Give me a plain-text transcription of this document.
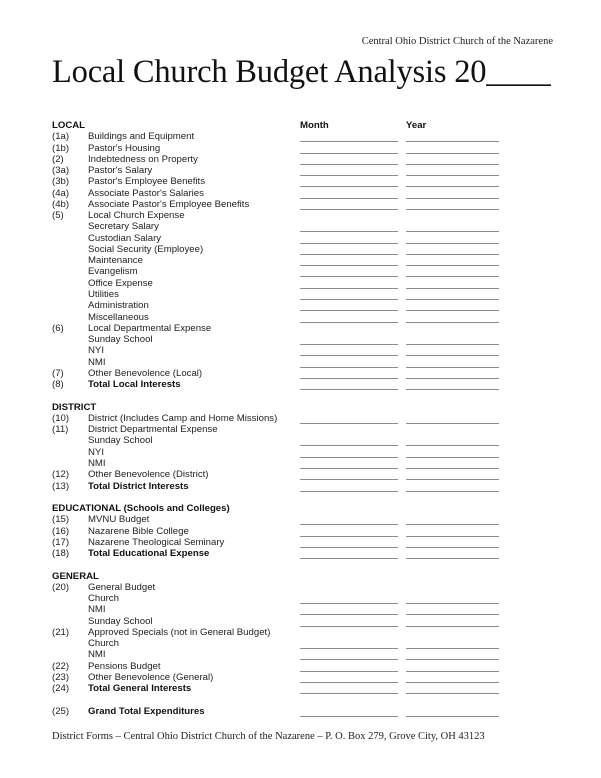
Central Ohio District Church of the Nazarene
Local Church Budget Analysis 20____
LOCAL	Month	Year
(1a) Buildings and Equipment
(1b) Pastor's Housing
(2)	Indebtedness on Property
(3a) Pastor's Salary
(3b) Pastor's Employee Benefits
(4a) Associate Pastor's Salaries
(4b) Associate Pastor's Employee Benefits
(5)	Local Church Expense
Secretary Salary
Custodian Salary
Social Security (Employee)
Maintenance
Evangelism
Office Expense
Utilities
Administration
Miscellaneous
(6)	Local Departmental Expense
Sunday School
NYI
NMI
(7)	Other Benevolence (Local)
(8)	Total Local Interests
DISTRICT
(10) District (Includes Camp and Home Missions)
(11) District Departmental Expense
Sunday School
NYI
NMI
(12) Other Benevolence (District)
(13) Total District Interests
EDUCATIONAL (Schools and Colleges)
(15) MVNU Budget
(16) Nazarene Bible College
(17) Nazarene Theological Seminary
(18) Total Educational Expense
GENERAL
(20) General Budget
Church
NMI
Sunday School
(21) Approved Specials (not in General Budget)
Church
NMI
(22) Pensions Budget
(23) Other Benevolence (General)
(24) Total General Interests
(25) Grand Total Expenditures
District Forms – Central Ohio District Church of the Nazarene – P. O. Box 279, Grove City, OH 43123
